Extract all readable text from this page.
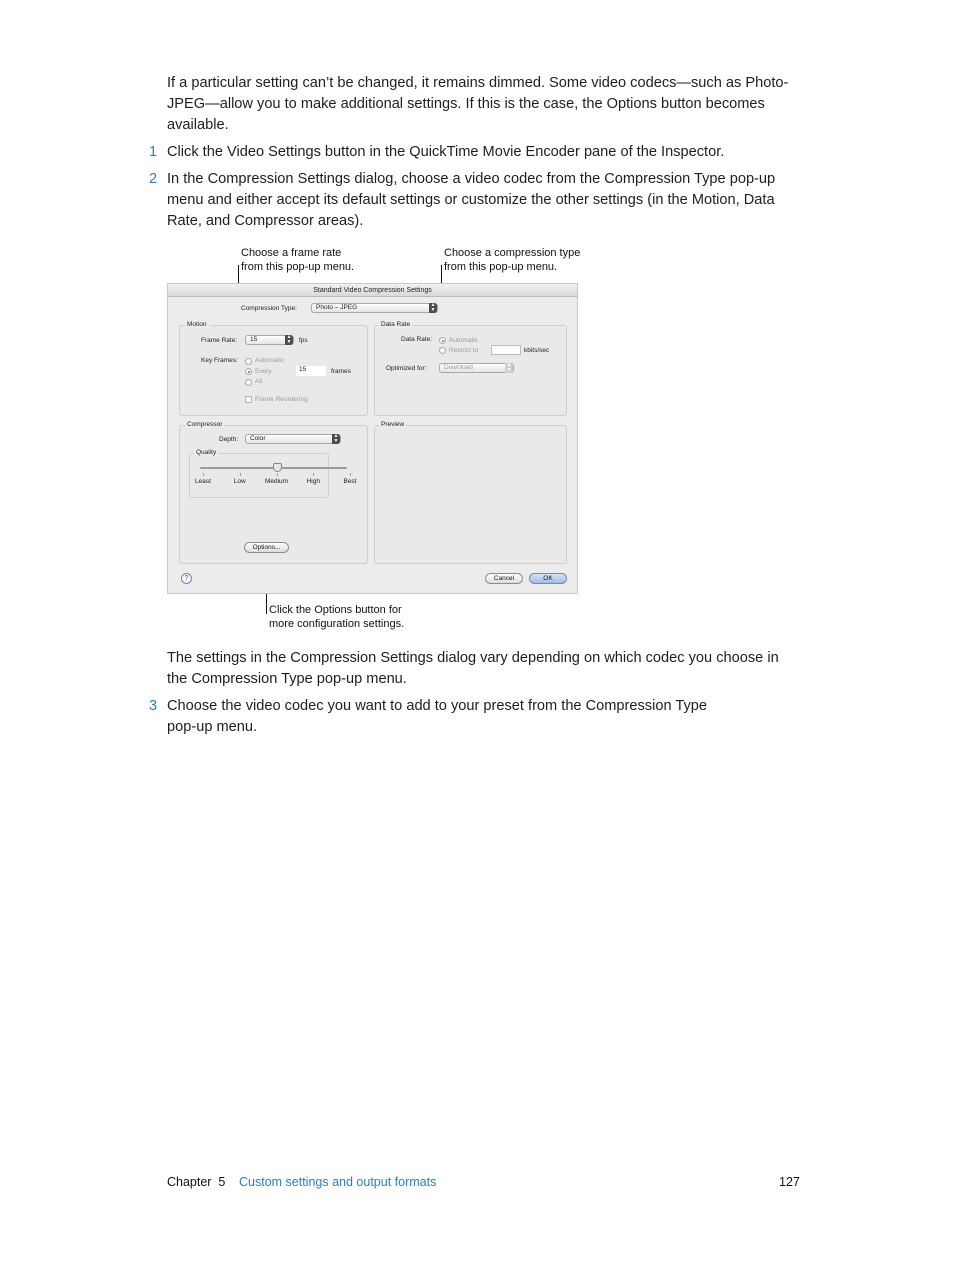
If a particular setting can’t be changed, it remains dimmed. Some video codecs—such as Photo-JPEG—allow you to make additional settings. If this is the case, the Options button becomes available.

1 Click the Video Settings button in the QuickTime Movie Encoder pane of the Inspector.
2 In the Compression Settings dialog, choose a video codec from the Compression Type pop-up menu and either accept its default settings or customize the other settings (in the Motion, Data Rate, and Compressor areas).
Choose a frame rate
from this pop-up menu.
Choose a compression type
from this pop-up menu.
Standard Video Compression Settings
Compression Type:	Photo – JPEG	▲
▼
Motion
Frame Rate:	15	▲
▼ fps
Key Frames:	Automatic
Every	15	frames
All
Frame Reordering
Data Rate
Data Rate:	Automatic
Restrict to	kbits/sec
Optimized for:	Download	▲
▼
Compressor
Depth:	Color	▲
▼
Quality
Options...
Preview
?	Cancel	OK
Least	Low	Medium	High	Best
Click the Options button for
more configuration settings.

The settings in the Compression Settings dialog vary depending on which codec you choose in the Compression Type pop-up menu.

3 Choose the video codec you want to add to your preset from the Compression Type pop-up menu.
Chapter  5 Custom settings and output formats	127
